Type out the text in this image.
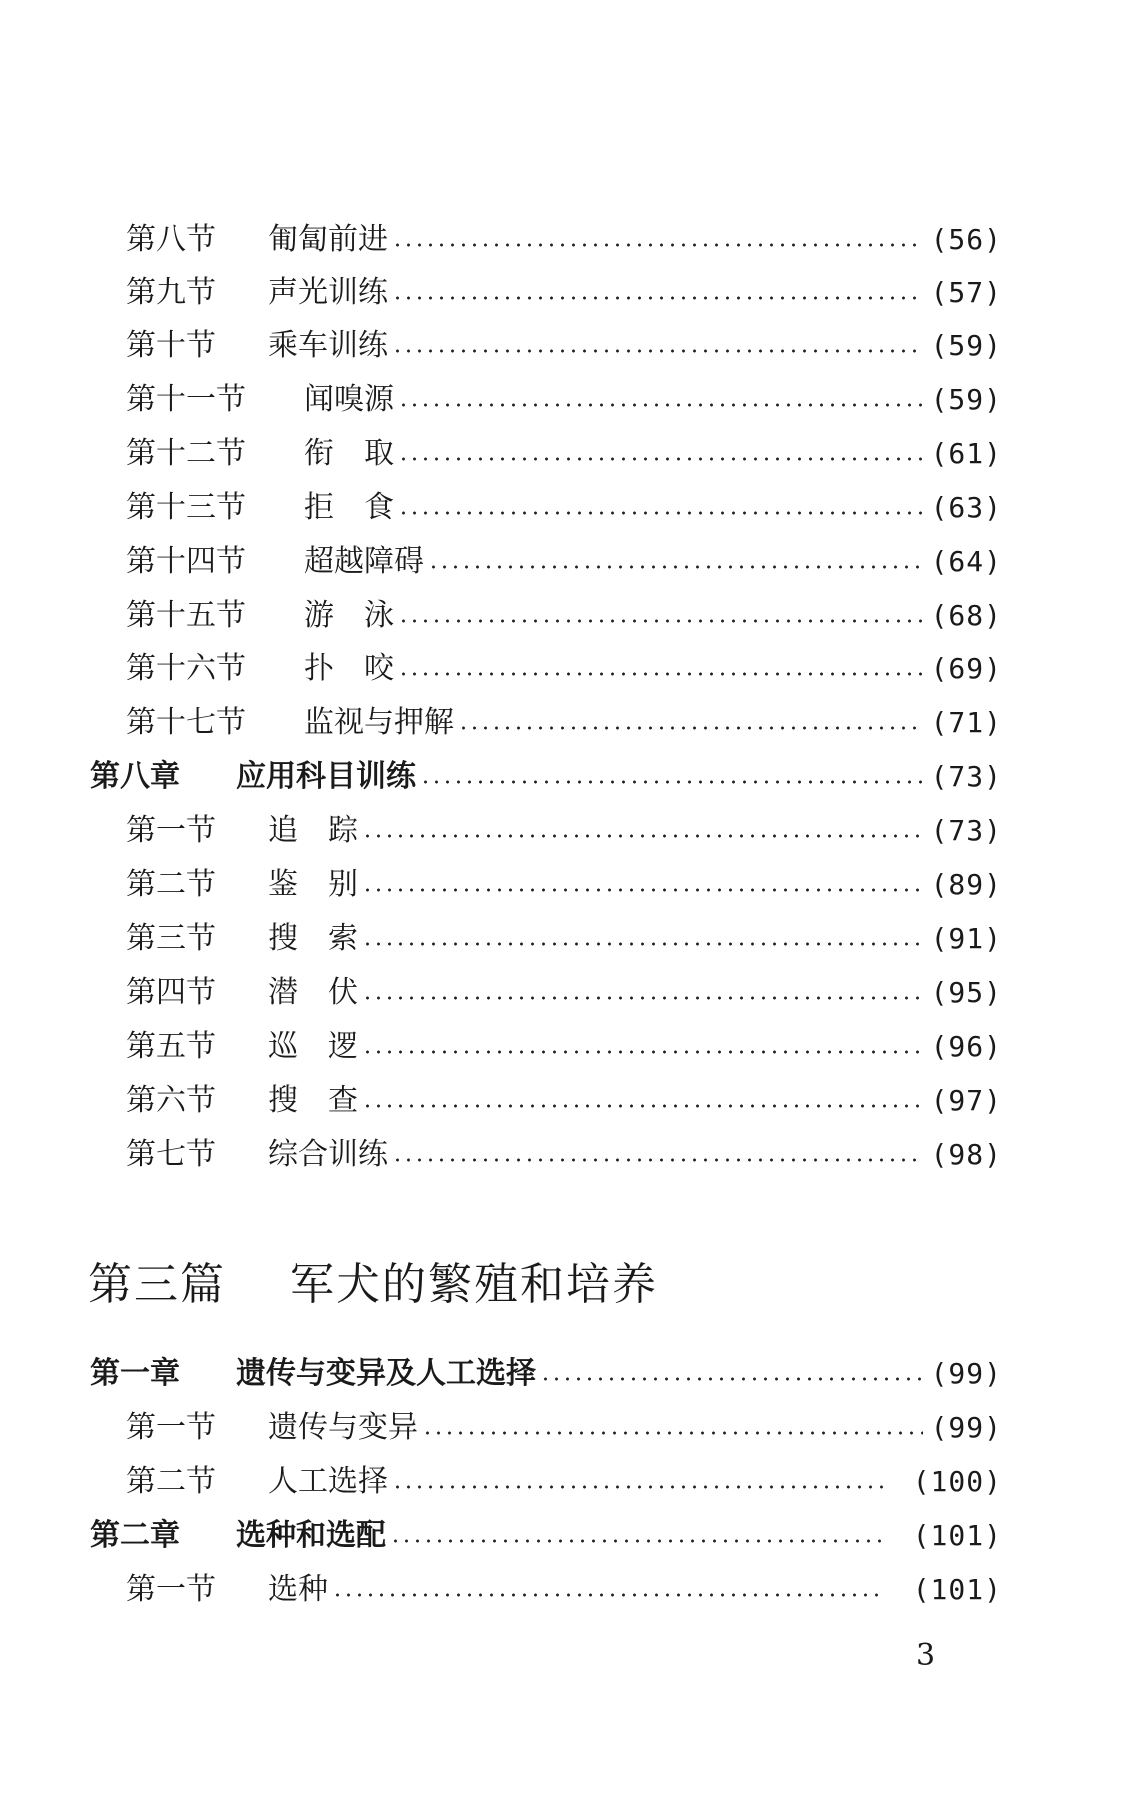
第八节	匍匐前进	(56)
第九节	声光训练	(57)
第十节	乘车训练	(59)
第十一节	闻嗅源	(59)
第十二节	衔　取	(61)
第十三节	拒　食	(63)
第十四节	超越障碍	(64)
第十五节	游　泳	(68)
第十六节	扑　咬	(69)
第十七节	监视与押解	(71)
第八章	应用科目训练	(73)
第一节	追　踪	(73)
第二节	鉴　别	(89)
第三节	搜　索	(91)
第四节	潜　伏	(95)
第五节	巡　逻	(96)
第六节	搜　查	(97)
第七节	综合训练	(98)
第三篇 军犬的繁殖和培养
第一章	遗传与变异及人工选择	(99)
第一节	遗传与变异	(99)
第二节	人工选择	(100)
第二章	选种和选配	(101)
第一节	选种	(101)
3
